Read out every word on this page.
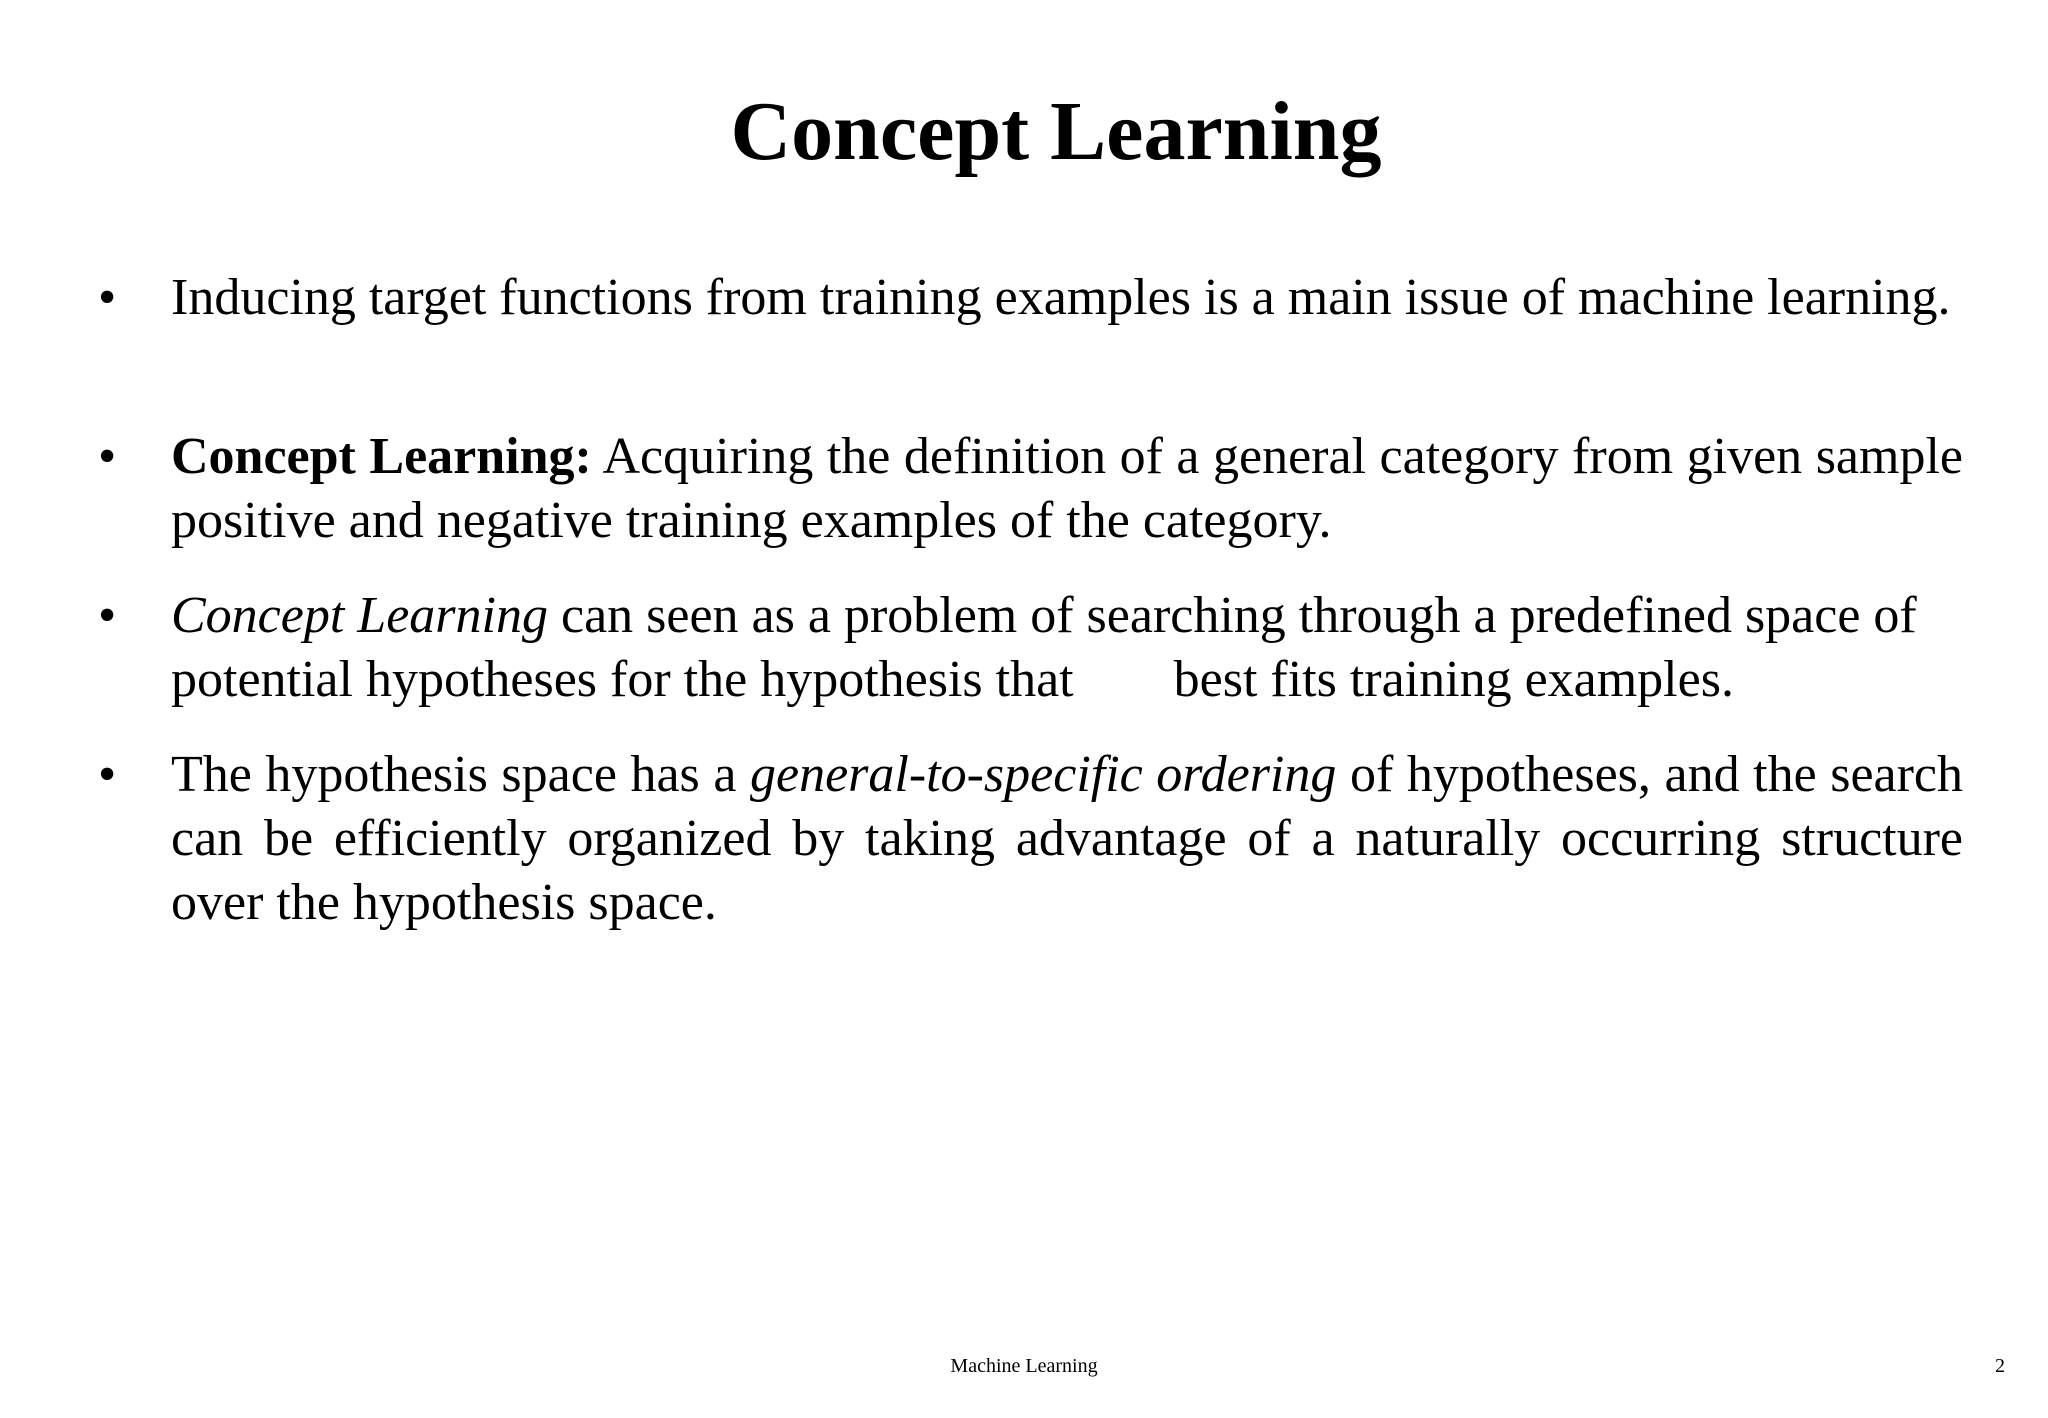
Concept Learning
• Inducing target functions from training examples is a main issue of machine learning.
• Concept Learning: Acquiring the definition of a general category from given sample positive and negative training examples of the category.
• Concept Learning can seen as a problem of searching through a predefined space of potential hypotheses for the hypothesis that best fits training examples.
• The hypothesis space has a general-to-specific ordering of hypotheses, and the search can be efficiently organized by taking advantage of a naturally occurring structure over the hypothesis space.
Machine Learning	2
